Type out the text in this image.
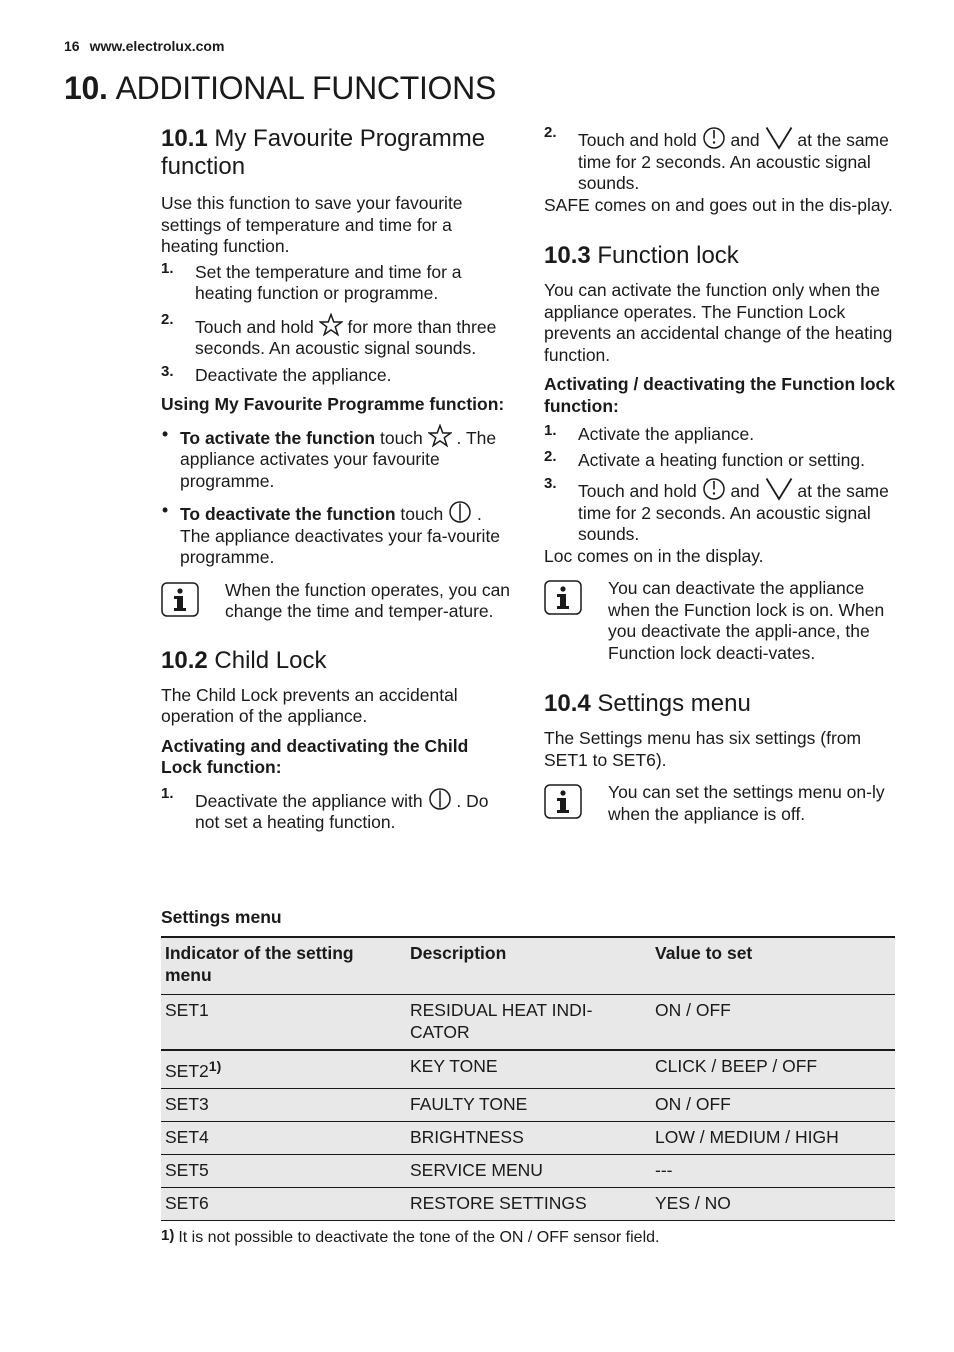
16 www.electrolux.com
10. ADDITIONAL FUNCTIONS
10.1 My Favourite Programme function
Use this function to save your favourite settings of temperature and time for a heating function.
1. Set the temperature and time for a heating function or programme.
2. Touch and hold for more than three seconds. An acoustic signal sounds.
3. Deactivate the appliance.
Using My Favourite Programme function:
• To activate the function touch . The appliance activates your favourite programme.
• To deactivate the function touch . The appliance deactivates your fa-vourite programme.
When the function operates, you can change the time and temper-ature.
10.2 Child Lock
The Child Lock prevents an accidental operation of the appliance.
Activating and deactivating the Child Lock function:
1. Deactivate the appliance with . Do not set a heating function.
2. Touch and hold and at the same time for 2 seconds. An acoustic signal sounds.
SAFE comes on and goes out in the dis-play.
10.3 Function lock
You can activate the function only when the appliance operates. The Function Lock prevents an accidental change of the heating function.
Activating / deactivating the Function lock function:
1. Activate the appliance.
2. Activate a heating function or setting.
3. Touch and hold and at the same time for 2 seconds. An acoustic signal sounds.
Loc comes on in the display.
You can deactivate the appliance when the Function lock is on. When you deactivate the appli-ance, the Function lock deacti-vates.
10.4 Settings menu
The Settings menu has six settings (from SET1 to SET6).
You can set the settings menu on-ly when the appliance is off.
Settings menu
Indicator of the setting menu	Description	Value to set
SET1	RESIDUAL HEAT INDI-CATOR	ON / OFF
SET2$^{1)}$	KEY TONE	CLICK / BEEP / OFF
SET3	FAULTY TONE	ON / OFF
SET4	BRIGHTNESS	LOW / MEDIUM / HIGH
SET5	SERVICE MENU	---
SET6	RESTORE SETTINGS	YES / NO
1) It is not possible to deactivate the tone of the ON / OFF sensor field.
